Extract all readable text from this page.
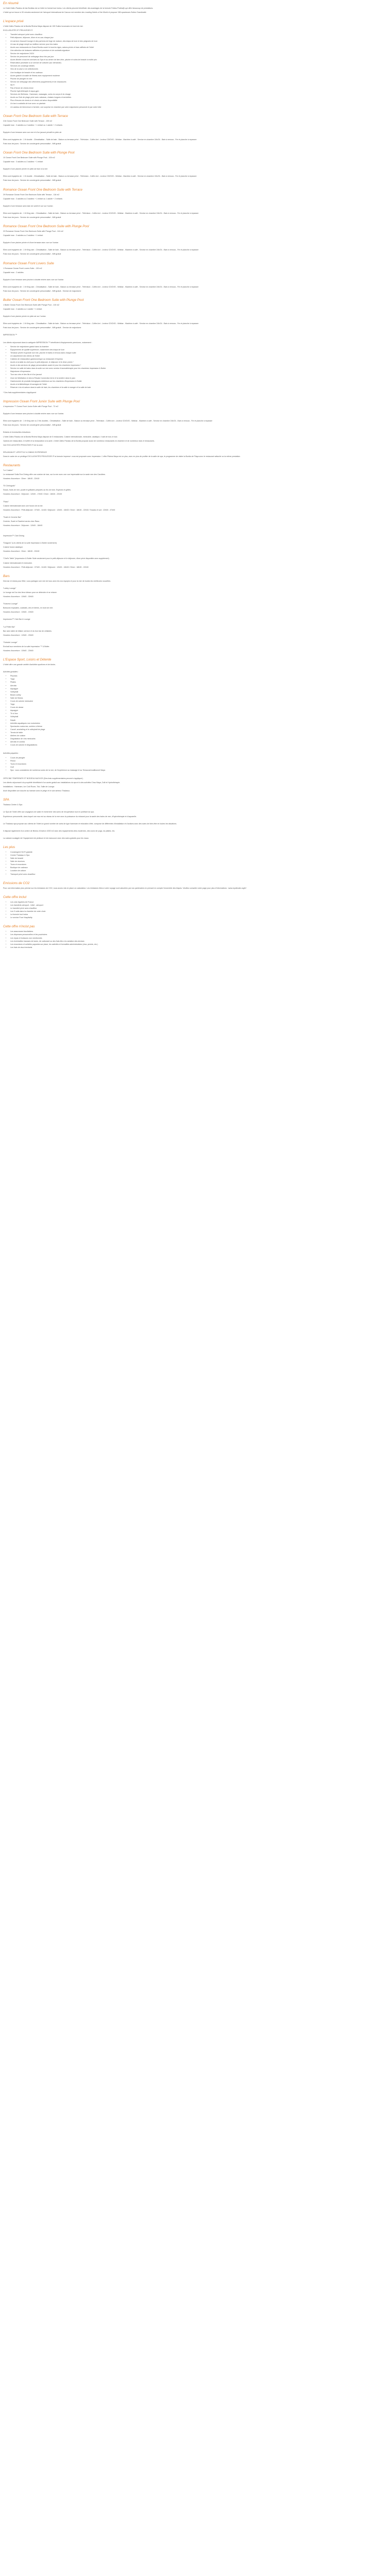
En résumé

Le Hotel Zafiro Paraiso de las Bonitas est un hôtel en format tout inclus. Les clients peuvent bénéficier des avantages de la formule Follow-Protéa@-qui offre beaucoup de prestations.

L'hôtel qui se trouve à 30 minutes seulement de l'aéroport international de Cancun est membre des Leading Hotels of the World et propose 158 spacieuses Suites Grandiosité.

L'espace privé

L'hôtel Zafiro Paraiso de la Bonita Riviera Maya dispose de 105 Suites luxueuses en bord de mer.

EXCLUSIVITÉS ET PRIVILÈGES ®

• Transfert aéroport privé avec chauffeur
• Petit-déjeuner, déjeuner, dîner et en-cas chaque jour
• Un service d'accueil lounge et des parfums de linge de maison, des draps de luxe et des peignoirs de luxe
• Un sac de plage rempli au meilleur service pour les mains
• Accès aux restaurants du Grand Bonita ouvert à tous les âges, salons privés et bars raffinés de l'hôtel
• Une sélection de boissons raffinées et premium et de cocktails signature
• Service de majordome 24/24
• Service de personnel de nettoyage deux fois par jour
• Accès illimité à tous les services du Spa et au centre de bien-être, piscine et soins de beauté à moitié prix
• Réservation prioritaire à un service de voiturier (sur demande)
• Services de concierge dédiés
• Vins de la cave à vin sélectionnés
• Une boutique de beauté et les cadeaux
• Accès gratuit à la salle de fitness avec équipement moderne
• Piscine de plongée en mer
• Service de nettoyage des vêtements (supplément) et de chaussures
• Wi-Fi
• Pas d'heure de check-in/out
• Piscine hydrothérapie et aqua-gym
• Services de Wellness : Hammam, massages, soins du corps et du visage
• Accès au Club de plage privé avec cabanas, chaises longues et serviettes
• Plus d'heures de check-in et check-out selon disponibilité
• Un bar à cocktails de luxe avec un pianiste
• Un cadeau de bienvenue à l'arrivée, une surprise en chambre par votre majordome personnel et par votre hôte
Ocean Front One Bedroom Suite with Terrace

216 Ocean Front One Bedroom Suite with Terrace - 105 m2

Capacité max : 3 adultes ou 2 adultes + 1 enfant ou 1 adulte + 2 enfants

Equipée d'une terrasse avec vue mer et d'un jacuzzi privatif en plein air

Elles sont équipées de : 1 lit double - Climatisation - Salle de bain - Balcon ou terrasse privé - Télévision - Coffre-fort - Lecteur CD/DVD - Minibar - Machine à café - Service en chambre 24h/24 - Bain à remous - Fer et planche à repasser

Frais tous les jours : Service de conciergerie personnalisé - Wifi gratuit

Ocean Front One Bedroom Suite with Plunge Pool

10 Ocean Front One Bedroom Suite with Plunge Pool - 105 m2

Capacité max : 3 adultes ou 2 adultes + 1 enfant

Equipée d'une piscine privée en plein air face à la mer

Elles sont équipées de : 1 lit double - Climatisation - Salle de bain - Balcon ou terrasse privé - Télévision - Coffre-fort - Lecteur CD/DVD - Minibar - Machine à café - Service en chambre 24h/24 - Bain à remous - Fer et planche à repasser

Frais tous les jours : Service de conciergerie personnalisé - Wifi gratuit

Romance Ocean Front One Bedroom Suite with Terrace

29 Romance Ocean Front One Bedroom Suite with Terrace - 116 m2

Capacité max : 3 adultes ou 2 adultes + 1 enfant ou 1 adulte + 2 enfants

Equipée d'une terrasse avec bain de soleil et vue sur l'océan

Elles sont équipées de : 1 lit King size - Climatisation - Salle de bain - Balcon ou terrasse privé - Télévision - Coffre-fort - Lecteur CD/DVD - Minibar - Machine à café - Service en chambre 24h/24 - Bain à remous - Fer et planche à repasser

Frais tous les jours : Service de conciergerie personnalisé - Wifi gratuit

Romance Ocean Front One Bedroom Suite with Plunge Pool

23 Romance Ocean Front One Bedroom Suite with Plunge Pool - 116 m2

Capacité max : 3 adultes ou 2 adultes + 1 enfant

Equipée d'une piscine privée et d'une terrasse avec vue sur l'océan

Elles sont équipées de : 1 lit King size - Climatisation - Salle de bain - Balcon ou terrasse privé - Télévision - Coffre-fort - Lecteur CD/DVD - Minibar - Machine à café - Service en chambre 24h/24 - Bain à remous - Fer et planche à repasser

Frais tous les jours : Service de conciergerie personnalisé - Wifi gratuit

Romance Ocean Front Lovers Suite

1 Romance Ocean Front Lovers Suite - 130 m2

Capacité max : 2 adultes

Equipée d'une terrasse avec piscine à double entrée avec vue sur l'océan

Elles sont équipées de : 1 lit King size - Climatisation - Salle de bain - Balcon ou terrasse privé - Télévision - Coffre-fort - Lecteur CD/DVD - Minibar - Machine à café - Service en chambre 24h/24 - Bain à remous - Fer et planche à repasser

Frais tous les jours : Service de conciergerie personnalisé - Wifi gratuit - Service de majordome

Butler Ocean Front One Bedroom Suite with Plunge Pool

1 Butler Ocean Front One Bedroom Suite with Plunge Pool - 130 m2

Capacité max : 2 adultes ou 1 adulte + 1 enfant

Equipée d'une piscine privée en plein air sur l'océan

Elles sont équipées de : 1 lit King size - Climatisation - Salle de bain - Balcon ou terrasse privé - Télévision - Coffre-fort - Lecteur CD/DVD - Minibar - Machine à café - Service en chambre 24h/24 - Bain à remous - Fer et planche à repasser

Frais tous les jours : Service de conciergerie personnalisé - Wifi gratuit - Service de majordome

IMPRESSION ™

Les clients séjournant dans la catégorie IMPRESSION ™ bénéficient d'équipements premiums, notamment :

• Service de majordome gratuit dans la chambre
• Équipements de qualité supérieure, notamment des draps de luxe
• Terrasse privée et grande vue mer, piscine et bains à remous dans chaque suite
• Un assortiment des bières de l'hôtel
• Cabines de restauration gastronomique au restaurant d'Impress
• Accès à la table du chef pour le petit-déjeuner, le déjeuner et le dîner privés *
• Accès à des services de plage personnalisés avant et pour les chambres Impression *
• Service en salle de bains dans la suite sur mer avec service d'aromathérapie pour les chambres Impression & Butler
• Majordome d'impression
• Tour aux vins et des lits et d'un jacuzzi
• Zone de Méditation et des la Rituals Connection terre et la lumière dans le parc
• Gastronomie de produits biologiques extérieurs sur les chambres d'Impression & Butler
• Accès à la bibliothèque d'ouvrages de l'hôtel
• Réserver à la mi-saison dans la salle de bain, les chambres et la salle à manger et la salle de bain

* Des frais supplémentaires s'appliquent

Impression Ocean Front Junior Suite with Plunge Pool

4 Impression ™ Ocean Front Junior Suite with Plunge Pool - 72 m2

Equipée d'une terrasse avec piscine à double entrée avec vue sur l'océan.

Elles sont équipées de : 1 lit King size ou 2 lits doubles - Climatisation - Salle de bain - Balcon ou terrasse privé - Télévision - Coffre-fort - Lecteur CD/DVD - Minibar - Machine à café - Service en chambre 24h/24 - Bain à remous - Fer et planche à repasser

Frais tous les jours : Service de conciergerie personnalisé - Wifi gratuit

Enfants et éventuelles réductions

L'hôtel Zafiro Paraiso de la Bonita Riviera Maya dispose de 5 restaurants. Cuisine internationale, mexicaine, asiatique, il sait de tout, le tout.

Options de restauration, le buffet et la restauration à la carte. L'hôtel Zafiro Paraiso de la Bonita propose aussi de nombreux restaurants en chambre et de nombreux bars et restaurants.

Voir EXCLUSIVITÉS PRIVILÈGES ® de la zone.

SPA ASIAN ET LIFESTYLE & DINING EXPERIENCE

Dans le cadre de ce privilège EXCLUSIVITÉS PRIVILÈGES ® la formule Impress+ vous est proposée avec Impression. L'offre Riviera Maya est un plus, avec en plus de profiter de la salle de spa, le programme de visiter la Bonita de Playa avec le restaurant rattaché un la même prestation.

Restaurants

"Le Cuisine"

Le restaurant Sofia Fine Dining offre une cuisine de luxe, sur la mer avec une vue imprenable sur la vaste mer des Caraïbes.

Horaires d'ouverture : Dîner : 18h30 - 22h30

"El Chiringuito"

Snack, fruits de mer, poulet et grillades préparés au feu de bois. Espèces et grillés.

Horaires d'ouverture : Déjeuner : 12h00 - 17h00 / Dîner : 18h30 - 22h30

"Raso"

Cuisine internationale avec une fusion de la mer.

Horaires d'ouverture : Petit-déjeuner : 07h00 - 11h00 / Déjeuner : 12h00 - 16h00 / Dîner : 18h30 - 22h30 / Snacks et soir : 22h00 - 07h00

"Sushi & Ceviche Bar"

Ceviche, Sushi et Sashimi servis chez Raso.

Horaires d'ouverture : Déjeuner : 12h00 - 16h00

Impression™ Club Dining

"Dragons" (Les clients de la suite Impression & Butler seulement)

Cuisine fusion asiatique.

Horaires d'ouverture : Dîner : 18h30 - 22h30

"Chef's Table" (Impression & Butler Suite seulement pour le petit-déjeuner et le déjeuner, dîner privé disponible avec supplément)

Cuisine internationale et mexicaine.

Horaires d'ouverture : Petit-déjeuner : 07h00 - 11h00 / Déjeuner : 12h00 - 16h00 / Dîner : 18h30 - 22h30

Bars

Des bar et restos pour fêter, vous partagez une mer de tous avec les nos équipes et pour la mer de toutes les meilleures nouvelles.

"Lobby Lounge"

Le lounge est l'un des lieux idéaux pour se détendre et se relaxer.

Horaires d'ouverture : 10h00 - 00h00

"Kokomo Lounge"

Boissons tropicales, cocktails, vins et bières, en bord de mer.

Horaires d'ouverture : 10h00 - 19h00

Impression™ Club Bar & Lounge

"La Petite Bar"

Bar avec table de billard, service et du bon bar de whiskies.

Horaires d'ouverture : 12h00 - 23h00

"Outside Lounge"

Exclusif aux membres de la suite Impression ™ & Butler.

Horaires d'ouverture : 10h00 - 23h00

L'Espace Sport, Loisirs et Détente

L'hôtel offre une grande variété d'activités sportives et de loisirs.

Activités gratuites :

• Piscines
• Yoga
• Pilates
• Aérobic
• Aquagym
• Volleyball
• Beach-volley
• Salle de fitness
• Cours de cuisine mexicaine
• Yoga
• Cours de danse
• Aquagym
• Tir à l'arc
• Volleyball
• Kayak
• Activités aquatiques non motorisées
• Spectacles nocturnes, soirées à thème
• Canoë, snorkeling et le volleyball de plage
• Tennis de table
• Ateliers de cuisine
• Dégustation de vins mexicains
• Aérobic et zumba
• Cours de cuisine et dégustations

Activités payantes :

• Cours de plongée
• Pêche
• Tours et excursions
• Golf
• Spa : vous constaterez de nombreux soins de la mer, de l'expérience au massage et au Temazcal traditionnel Maya

OFFICINE TEMPERATE ET BODEGA NUOVOS (Des frais supplémentaires peuvent s'appliquer)

Les clients séjournant à la propriété bénéficient d'un accès gratuit aux installations du spa et à des activités Chao Maya, Zulli et Hydrothérapie.

Installations : Hammam, Ice Cold Room, Tub, Salle de Lounge.

Avoir disponible une douche au hamam avec le piège et le soin sérieux Thalasso.

SPA

Thalasso Center & Spa

Le Spa de l'hôtel offre aux voyageurs de saisir et rechercher des soins de récupération tout en profitant du spa.

Expérience personnelle, dans lequel une eau est au niveau de la mer avec la puissance du relaxant pour la santé des bains de mer, d'hydrothérapie et d'aquarelle.

Le Thalasso spa propose aux clients de l'hôtel un grand nombre de soins de type hammam et relaxation d'été, composé de différentes d'installation et d'actions avec des soins de bien-être en toutes les situations.

Il dispose également d'un centre de fitness d'environ 1000 m2 avec des équipements ultra-modernes, des cours de yoga, du pilates, etc.

La cabane soulagée de l'équipement de pédicure et de manucure avec des soins gratuits pour les maux.

Les plus
• Conciergerie Wi-Fi gratuite
• Centre Thalasso & Spa
• Salle de beauté
• Salle de réunions
• Tours et excursions
• Boutique de cadeaux
• Location de voiture
• Transport privé avec chauffeur
Emissions de CO2

Pour une information plus précise sur les émissions de CO2, nous avons mis en place un calculateur. Les émissions liées à votre voyage sont calculées par nos partenaires en prenant en compte l'ensemble des étapes. Veuillez consulter notre page pour plus d'informations : www.myclimate.org/fr/

Cette offre inclut
• Les vols réguliers Air France
• Les transferts aéroport - hôtel - aéroport
• Le transfert privé avec chauffeur
• Les 9 nuits dans la chambre de votre choix
• La formule tout inclus
• Le service Pure Hospitality
Cette offre n'inclut pas
• Les assurances facultatives
• Les dépenses personnelles et les pourboires
• Les repas et boissons non mentionnés
• Les éventuelles hausses de taxes, de carburant ou des frais liés à la variation des devises
• Les excursions et activités payantes sur place, les activités et formalités administratives (visa, permis, etc.)
• Les frais de visa éventuels
